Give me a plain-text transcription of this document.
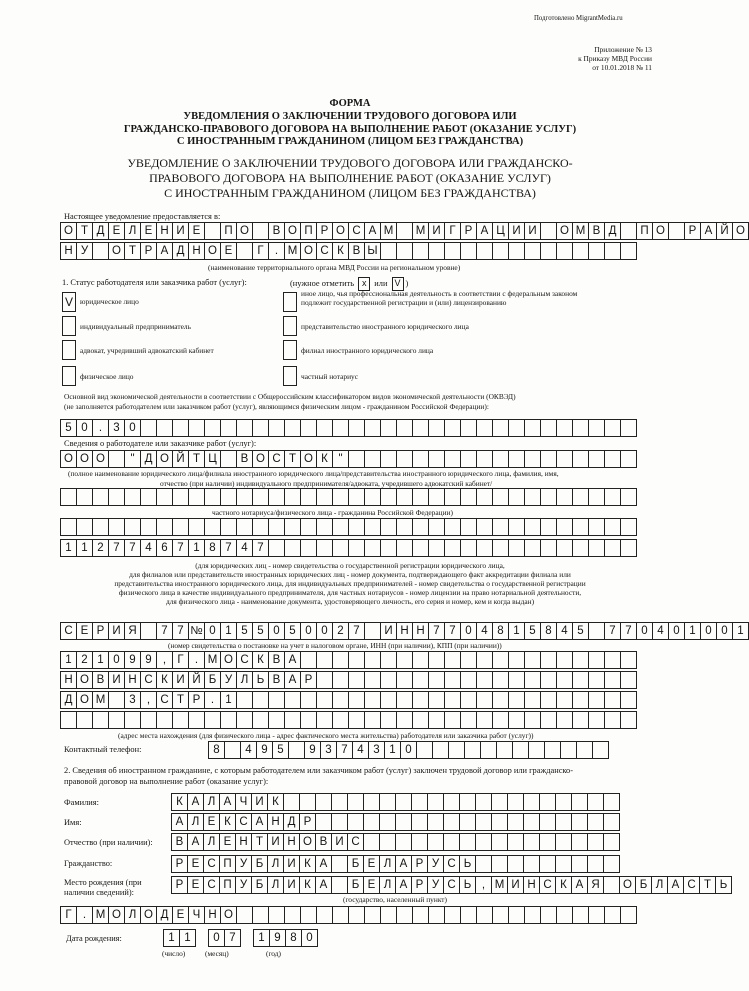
Подготовлено MigrantMedia.ru
Приложение № 13
к Приказу МВД России
от 10.01.2018 № 11
ФОРМА
УВЕДОМЛЕНИЯ О ЗАКЛЮЧЕНИИ ТРУДОВОГО ДОГОВОРА ИЛИ
ГРАЖДАНСКО-ПРАВОВОГО ДОГОВОРА НА ВЫПОЛНЕНИЕ РАБОТ (ОКАЗАНИЕ УСЛУГ)
С ИНОСТРАННЫМ ГРАЖДАНИНОМ (ЛИЦОМ БЕЗ ГРАЖДАНСТВА)
УВЕДОМЛЕНИЕ О ЗАКЛЮЧЕНИИ ТРУДОВОГО ДОГОВОРА ИЛИ ГРАЖДАНСКО-
ПРАВОВОГО ДОГОВОРА НА ВЫПОЛНЕНИЕ РАБОТ (ОКАЗАНИЕ УСЛУГ)
С ИНОСТРАННЫМ ГРАЖДАНИНОМ (ЛИЦОМ БЕЗ ГРАЖДАНСТВА)
Настоящее уведомление предоставляется в:
О Т Д Е Л Е Н И Е	П О	В О П Р О С А М	М И Г Р А Ц И И	О М В Д	П О	Р А Й О
Н У	О Т Р А Д Н О Е	Г . М О С К В Ы
(наименование территориального органа МВД России на региональном уровне)
1. Статус работодателя или заказчика работ (услуг):	(нужное отметить x или V )
V юридическое лицо
индивидуальный предприниматель
адвокат, учредивший адвокатский кабинет
физическое лицо
иное лицо, чья профессиональная деятельность в соответствии с федеральным законом подлежит государственной регистрации и (или) лицензированию
представительство иностранного юридического лица
филиал иностранного юридического лица
частный нотариус
Основной вид экономической деятельности в соответствии с Общероссийским классификатором видов экономической деятельности (ОКВЭД)
(не заполняется работодателем или заказчиком работ (услуг), являющимся физическим лицом - гражданином Российской Федерации):
5 0 . 3 0
Сведения о работодателе или заказчике работ (услуг):
О О О	" Д О Й Т Ц	В О С Т О К "
(полное наименование юридического лица/филиала иностранного юридического лица/представительства иностранного юридического лица, фамилия, имя,
отчество (при наличии) индивидуального предпринимателя/адвоката, учредившего адвокатский кабинет/
частного нотариуса/физического лица - гражданина Российской Федерации)
1 1 2 7 7 4 6 7 1 8 7 4 7
(для юридических лиц - номер свидетельства о государственной регистрации юридического лица,
для филиалов или представительств иностранных юридических лиц - номер документа, подтверждающего факт аккредитации филиала или
представительства иностранного юридического лица, для индивидуальных предпринимателей - номер свидетельства о государственной регистрации
физического лица в качестве индивидуального предпринимателя, для частных нотариусов - номер лицензии на право нотариальной деятельности,
для физического лица - наименование документа, удостоверяющего личность, его серия и номер, кем и когда выдан)
С Е Р И Я	7 7 № 0 1 5 5 0 5 0 0 2 7	И Н Н 7 7 0 4 8 1 5 8 4 5	7 7 0 4 0 1 0 0 1
(номер свидетельства о постановке на учет в налоговом органе, ИНН (при наличии), КПП (при наличии))
1 2 1 0 9 9 , Г . М О С К В А
Н О В И Н С К И Й Б У Л Ь В А Р
Д О М	3 , С Т Р . 1
(адрес места нахождения (для физического лица - адрес фактического места жительства) работодателя или заказчика работ (услуг))
Контактный телефон:	8	4 9 5	9 3 7 4 3 1 0
2. Сведения об иностранном гражданине, с которым работодателем или заказчиком работ (услуг) заключен трудовой договор или гражданско-
правовой договор на выполнение работ (оказание услуг):
Фамилия:	К А Л А Ч И К
Имя:	А Л Е К С А Н Д Р
Отчество (при наличии):	В А Л Е Н Т И Н О В И С
Гражданство:	Р Е С П У Б Л И К А	Б Е Л А Р У С Ь
Место рождения (при
наличии сведений):
Р Е С П У Б Л И К А	Б Е Л А Р У С Ь , М И Н С К А Я	О Б Л А С Т Ь
(государство, населенный пункт)
Г . М О Л О Д Е Ч Н О
Дата рождения:	1 1	0 7	1 9 8 0
(число)	(месяц)	(год)
